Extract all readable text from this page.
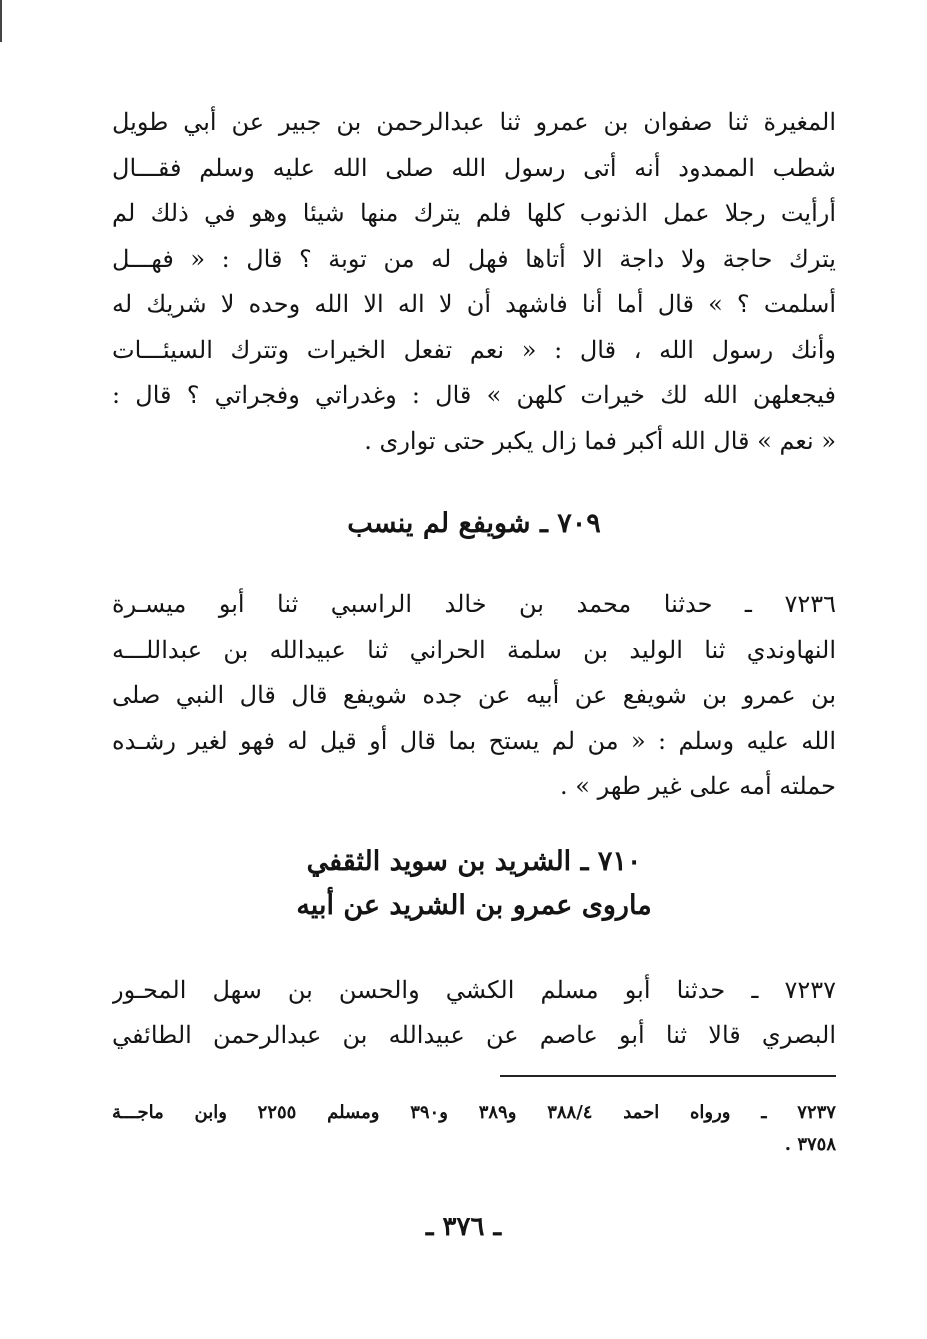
المغيرة ثنا صفوان بن عمرو ثنا عبدالرحمن بن جبير عن أبي طويل
شطب الممدود أنه أتى رسول الله صلى الله عليه وسلم فقـــال
أرأيت رجلا عمل الذنوب كلها فلم يترك منها شيئا وهو في ذلك لم
يترك حاجة ولا داجة الا أتاها فهل له من توبة ؟ قال : « فهـــل
أسلمت ؟ » قال أما أنا فاشهد أن لا اله الا الله وحده لا شريك له
وأنك رسول الله ، قال : « نعم تفعل الخيرات وتترك السيئـــات
فيجعلهن الله لك خيرات كلهن » قال : وغدراتي وفجراتي ؟ قال :
« نعم » قال الله أكبر فما زال يكبر حتى توارى .
٧٠٩ ـ شويفع لم ينسب
٧٢٣٦ ـ حدثنا محمد بن خالد الراسبي ثنا أبو ميسـرة
النهاوندي ثنا الوليد بن سلمة الحراني ثنا عبيدالله بن عبداللـــه
بن عمرو بن شويفع عن أبيه عن جده شويفع قال قال النبي صلى
الله عليه وسلم : « من لم يستح بما قال أو قيل له فهو لغير رشـده
حملته أمه على غير طهر » .
٧١٠ ـ الشريد بن سويد الثقفي
ماروى عمرو بن الشريد عن أبيه
٧٢٣٧ ـ حدثنا أبو مسلم الكشي والحسن بن سهل المحـور
البصري قالا ثنا أبو عاصم عن عبيدالله بن عبدالرحمن الطائفي
٧٢٣٧ ـ ورواه احمد ٣٨٨/٤ و٣٨٩ و٣٩٠ ومسلم ٢٢٥٥ وابن ماجـــة
٣٧٥٨ .
ـ ٣٧٦ ـ
